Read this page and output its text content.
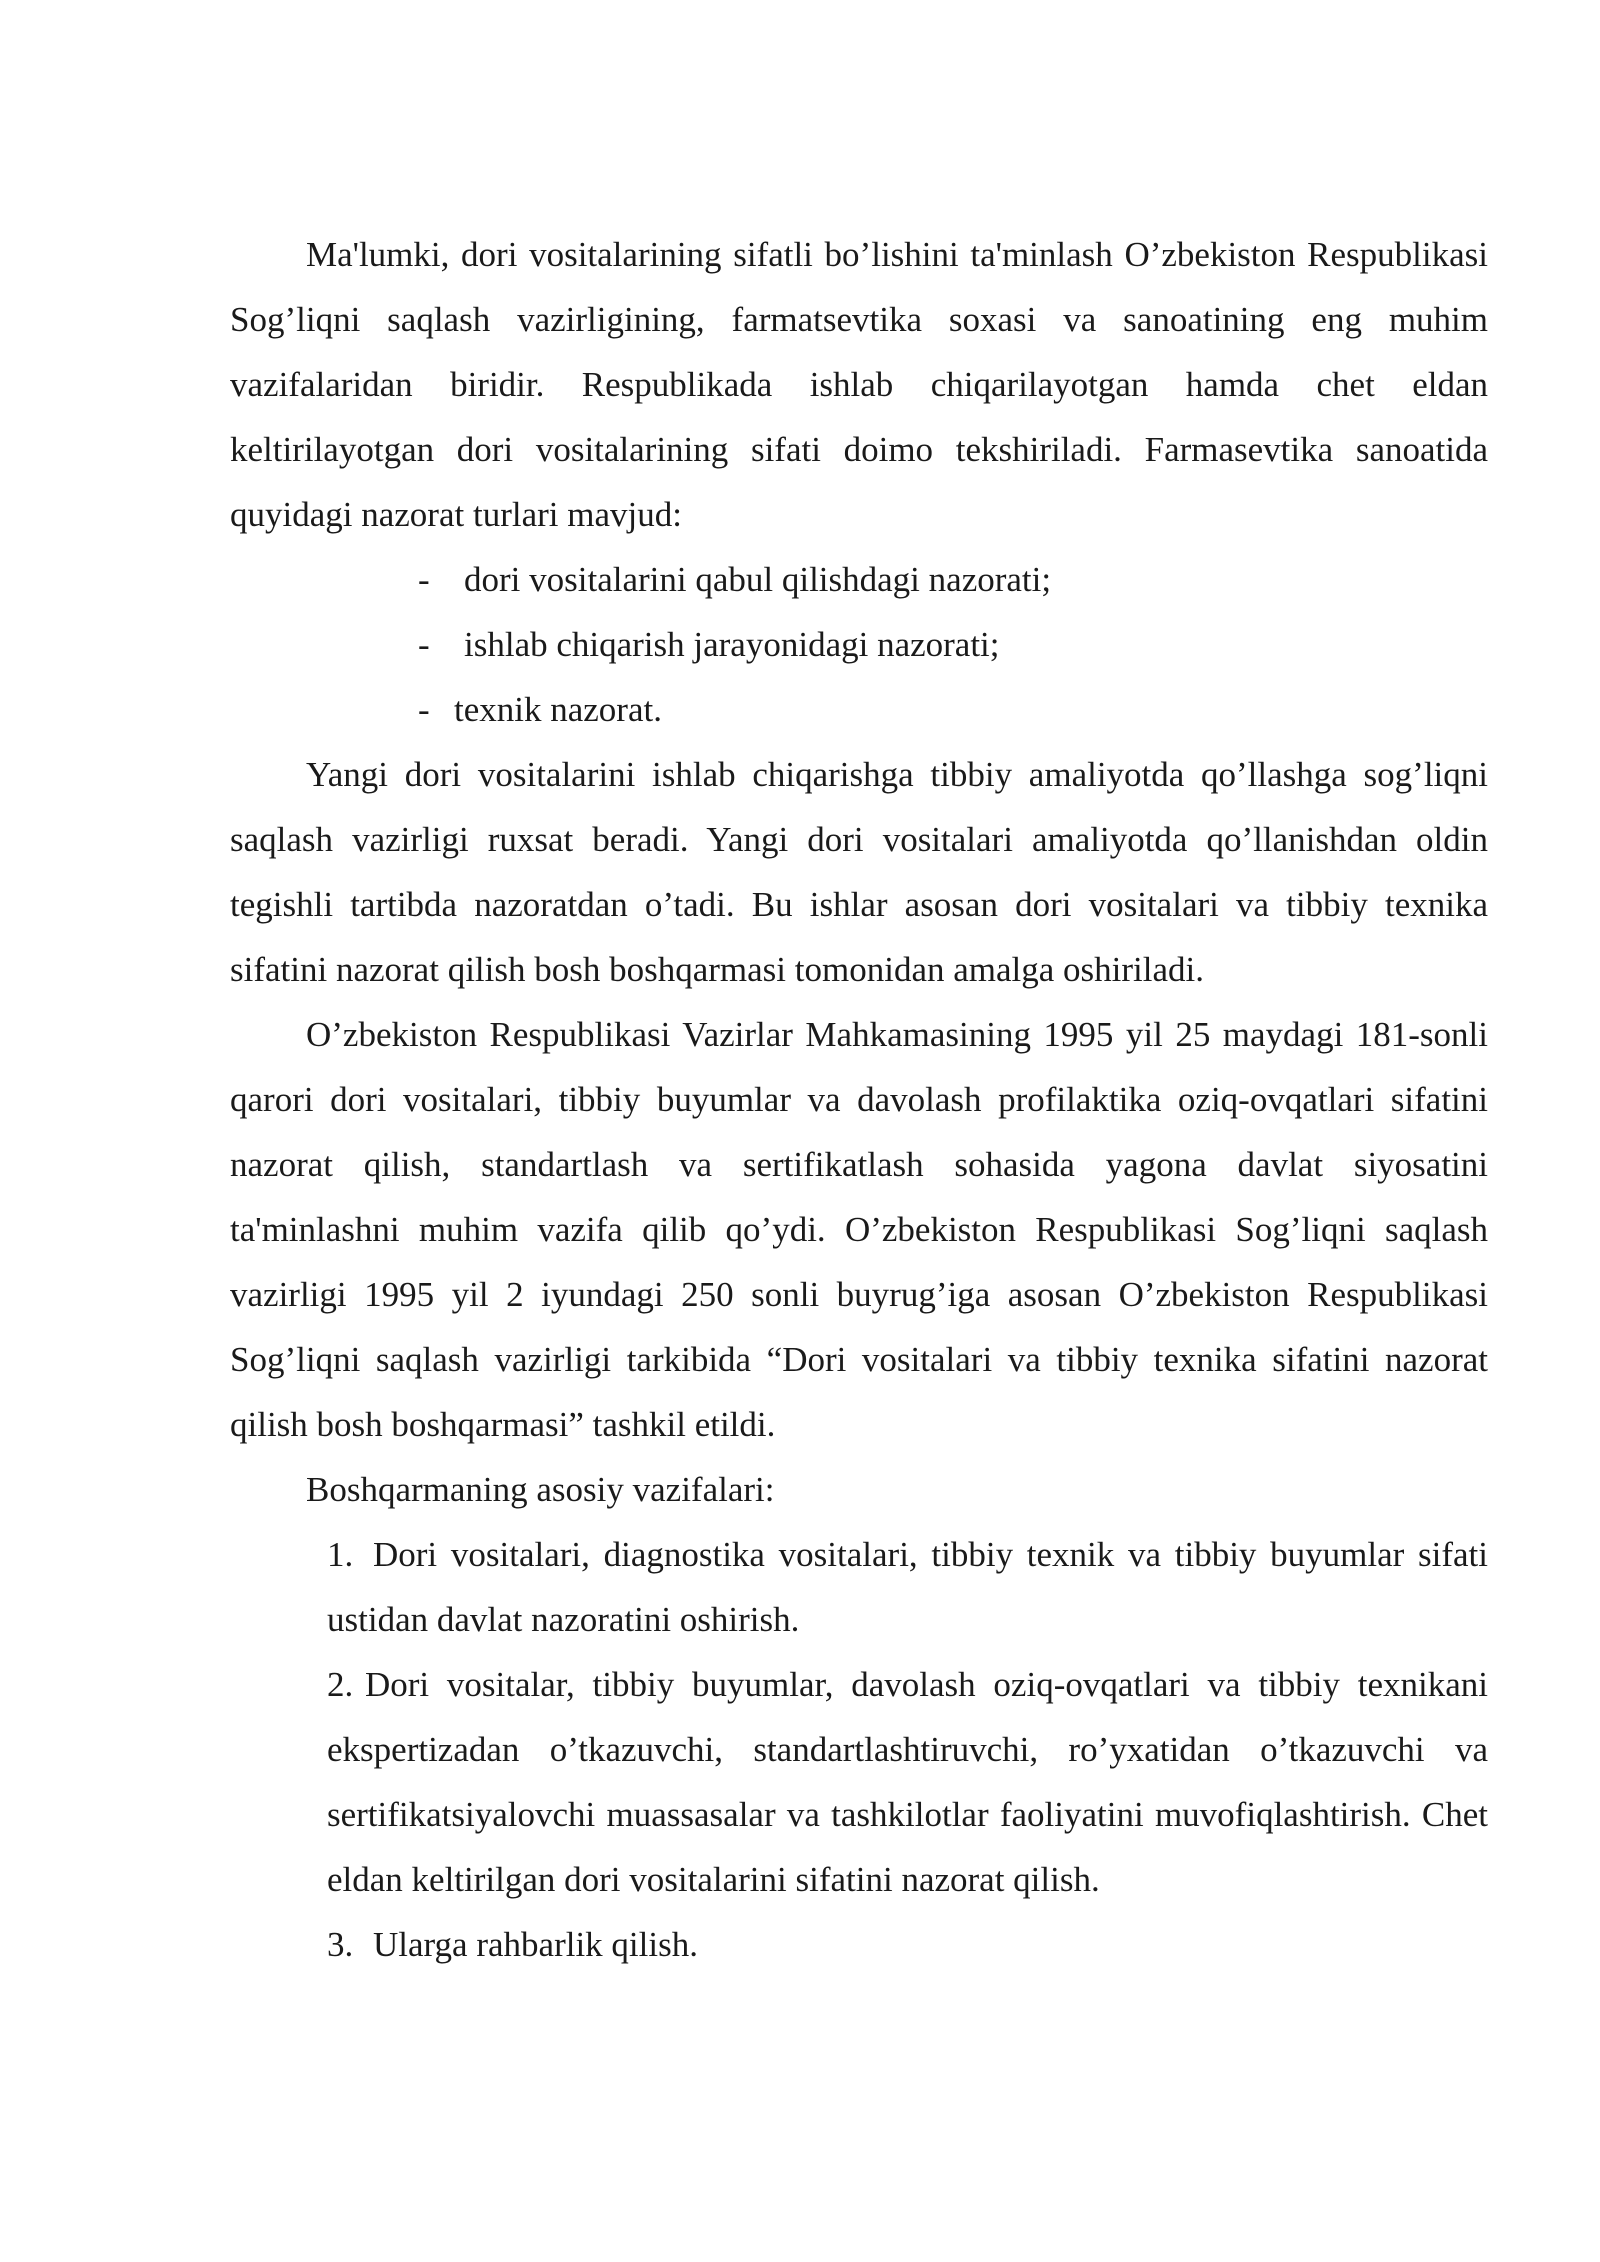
Ma'lumki, dori vositalarining sifatli bo’lishini ta'minlash O’zbekiston Respublikasi Sog’liqni saqlash vazirligining, farmatsevtika soxasi va sanoatining eng muhim vazifalaridan biridir. Respublikada ishlab chiqarilayotgan hamda chet eldan keltirilayotgan dori vositalarining sifati doimo tekshiriladi. Farmasevtika sanoatida quyidagi nazorat turlari mavjud:

- dori vositalarini qabul qilishdagi nazorati;
- ishlab chiqarish jarayonidagi nazorati;
- texnik nazorat.

Yangi dori vositalarini ishlab chiqarishga tibbiy amaliyotda qo’llashga sog’liqni saqlash vazirligi ruxsat beradi. Yangi dori vositalari amaliyotda qo’llanishdan oldin tegishli tartibda nazoratdan o’tadi. Bu ishlar asosan dori vositalari va tibbiy texnika sifatini nazorat qilish bosh boshqarmasi tomonidan amalga oshiriladi.

O’zbekiston Respublikasi Vazirlar Mahkamasining 1995 yil 25 maydagi 181-sonli qarori dori vositalari, tibbiy buyumlar va davolash profilaktika oziq-ovqatlari sifatini nazorat qilish, standartlash va sertifikatlash sohasida yagona davlat siyosatini ta'minlashni muhim vazifa qilib qo’ydi. O’zbekiston Respublikasi Sog’liqni saqlash vazirligi 1995 yil 2 iyundagi 250 sonli buyrug’iga asosan O’zbekiston Respublikasi Sog’liqni saqlash vazirligi tarkibida “Dori vositalari va tibbiy texnika sifatini nazorat qilish bosh boshqarmasi” tashkil etildi.

Boshqarmaning asosiy vazifalari:

1. Dori vositalari, diagnostika vositalari, tibbiy texnik va tibbiy buyumlar sifati ustidan davlat nazoratini oshirish.
2. Dori vositalar, tibbiy buyumlar, davolash oziq-ovqatlari va tibbiy texnikani ekspertizadan o’tkazuvchi, standartlashtiruvchi, ro’yxatidan o’tkazuvchi va sertifikatsiyalovchi muassasalar va tashkilotlar faoliyatini muvofiqlashtirish. Chet eldan keltirilgan dori vositalarini sifatini nazorat qilish.
3. Ularga rahbarlik qilish.
